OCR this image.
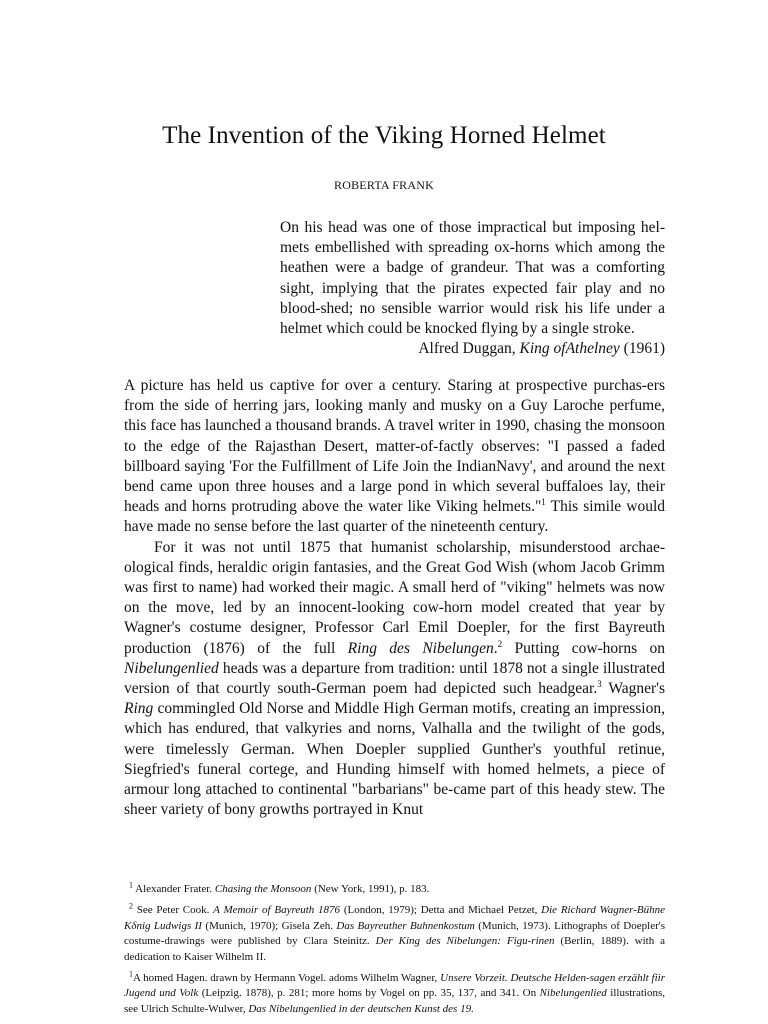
The Invention of the Viking Horned Helmet
ROBERTA FRANK

On his head was one of those impractical but imposing hel-mets embellished with spreading ox-horns which among the heathen were a badge of grandeur. That was a comforting sight, implying that the pirates expected fair play and no blood-shed; no sensible warrior would risk his life under a helmet which could be knocked flying by a single stroke.

Alfred Duggan, King ofAthelney (1961)

A picture has held us captive for over a century. Staring at prospective purchas-ers from the side of herring jars, looking manly and musky on a Guy Laroche perfume, this face has launched a thousand brands. A travel writer in 1990, chasing the monsoon to the edge of the Rajasthan Desert, matter-of-factly observes: "I passed a faded billboard saying 'For the Fulfillment of Life Join the IndianNavy', and around the next bend came upon three houses and a large pond in which several buffaloes lay, their heads and horns protruding above the water like Viking helmets."$^1$ This simile would have made no sense before the last quarter of the nineteenth century.

For it was not until 1875 that humanist scholarship, misunderstood archae-ological finds, heraldic origin fantasies, and the Great God Wish (whom Jacob Grimm was first to name) had worked their magic. A small herd of "viking" helmets was now on the move, led by an innocent-looking cow-horn model created that year by Wagner's costume designer, Professor Carl Emil Doepler, for the first Bayreuth production (1876) of the full Ring des Nibelungen.$^2$ Putting cow-horns on Nibelungenlied heads was a departure from tradition: until 1878 not a single illustrated version of that courtly south-German poem had depicted such headgear.$^3$ Wagner's Ring commingled Old Norse and Middle High German motifs, creating an impression, which has endured, that valkyries and norns, Valhalla and the twilight of the gods, were timelessly German. When Doepler supplied Gunther's youthful retinue, Siegfried's funeral cortege, and Hunding himself with homed helmets, a piece of armour long attached to continental "barbarians" be-came part of this heady stew. The sheer variety of bony growths portrayed in Knut

$^1$ Alexander Frater. Chasing the Monsoon (New York, 1991), p. 183.

$^2$ See Peter Cook. A Memoir of Bayreuth 1876 (London, 1979); Detta and Michael Petzet, Die Richard Wagner-Bühne Kδnig Ludwigs II (Munich, 1970); Gisela Zeh. Das Bayreuther Buhnenkostum (Munich, 1973). Lithographs of Doepler's costume-drawings were published by Clara Steinitz. Der King des Nibelungen: Figu-rinen (Berlin, 1889). with a dedication to Kaiser Wilhelm II.

$^1$A homed Hagen. drawn by Hermann Vogel. adoms Wilhelm Wagner, Unsere Vorzeit. Deutsche Helden-sagen erzählt fiir Jugend und Volk (Leipzig. 1878), p. 281; more homs by Vogel on pp. 35, 137, and 341. On Nibelungenlied illustrations, see Ulrich Schulte-Wulwer, Das Nibelungenlied in der deutschen Kunst des 19.
